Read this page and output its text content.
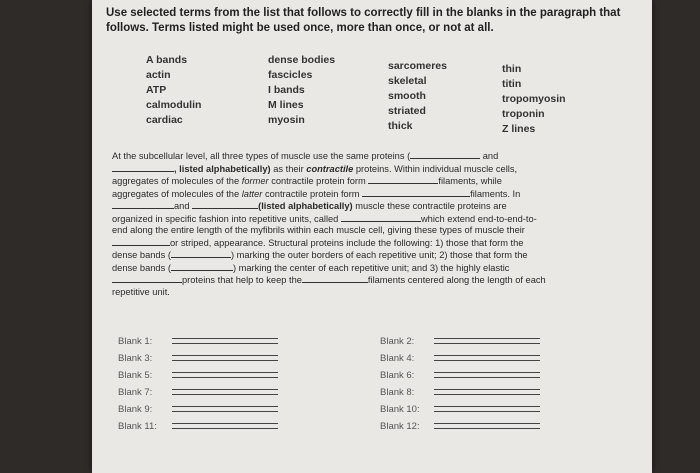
Use selected terms from the list that follows to correctly fill in the blanks in the paragraph that follows. Terms listed might be used once, more than once, or not at all.
A bands
actin
ATP
calmodulin
cardiac
dense bodies
fascicles
I bands
M lines
myosin
sarcomeres
skeletal
smooth
striated
thick
thin
titin
tropomyosin
troponin
Z lines

At the subcellular level, all three types of muscle use the same proteins (	and

, listed alphabetically) as their contractile proteins. Within individual muscle cells,

aggregates of molecules of the former contractile protein form	filaments, while

aggregates of molecules of the latter contractile protein form	filaments. In

and	(listed alphabetically) muscle these contractile proteins are

organized in specific fashion into repetitive units, called	which extend end-to-end-to-

end along the entire length of the myfibrils within each muscle cell, giving these types of muscle their

or striped, appearance. Structural proteins include the following: 1) those that form the

dense bands (	) marking the outer borders of each repetitive unit; 2) those that form the

dense bands (	) marking the center of each repetitive unit; and 3) the highly elastic

proteins that help to keep the	filaments centered along the length of each

repetitive unit.

Blank 1:	Blank 2:
Blank 3:	Blank 4:
Blank 5:	Blank 6:
Blank 7:	Blank 8:
Blank 9:	Blank 10:
Blank 11:	Blank 12:
